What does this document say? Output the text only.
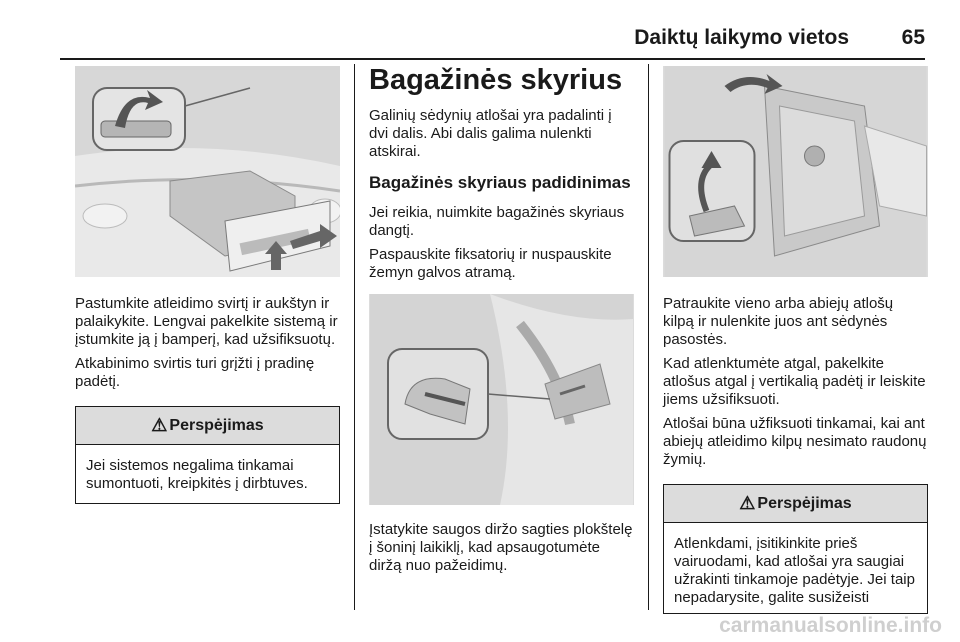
Daiktų laikymo vietos	65

Pastumkite atleidimo svirtį ir aukštyn ir palaikykite. Lengvai pakelkite sistemą ir įstumkite ją į bamperį, kad užsifiksuotų.

Atkabinimo svirtis turi grįžti į pradinę padėtį.

⚠ Perspėjimas

Jei sistemos negalima tinkamai sumontuoti, kreipkitės į dirbtuves.

Bagažinės skyrius

Galinių sėdynių atlošai yra padalinti į dvi dalis. Abi dalis galima nulenkti atskirai.

Bagažinės skyriaus padidinimas

Jei reikia, nuimkite bagažinės skyriaus dangtį.

Paspauskite fiksatorių ir nuspauskite žemyn galvos atramą.

Įstatykite saugos diržo sagties plokštelę į šoninį laikiklį, kad apsaugotumėte diržą nuo pažeidimų.

Patraukite vieno arba abiejų atlošų kilpą ir nulenkite juos ant sėdynės pasostės.

Kad atlenktumėte atgal, pakelkite atlošus atgal į vertikalią padėtį ir leiskite jiems užsifiksuoti.

Atlošai būna užfiksuoti tinkamai, kai ant abiejų atleidimo kilpų nesimato raudonų žymių.

⚠ Perspėjimas

Atlenkdami, įsitikinkite prieš vairuodami, kad atlošai yra saugiai užrakinti tinkamoje padėtyje. Jei taip nepadarysite, galite susižeisti

carmanualsonline.info
